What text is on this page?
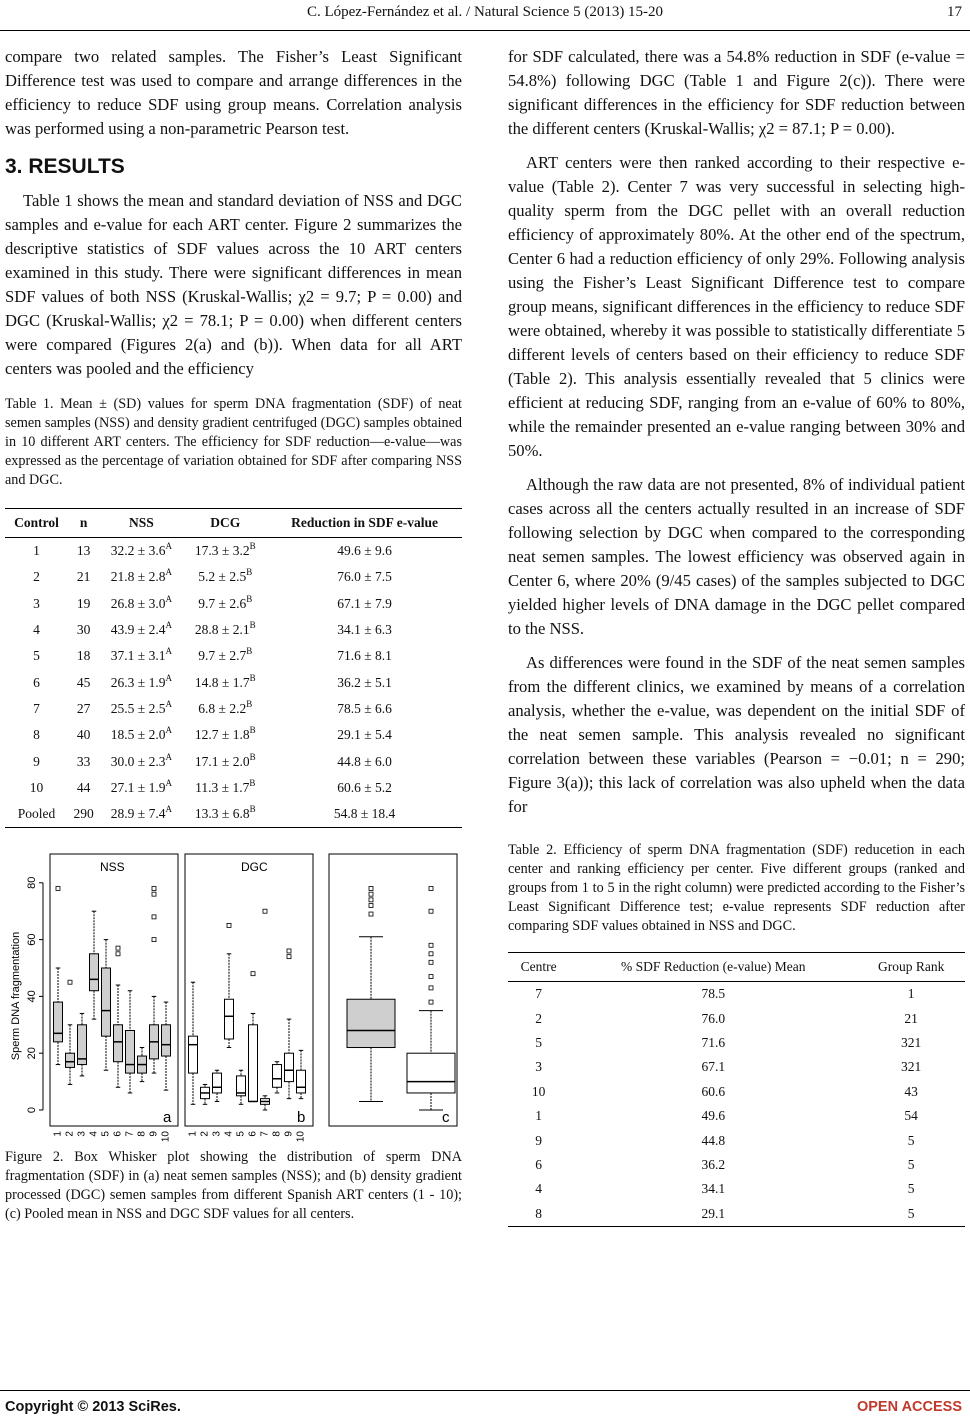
C. López-Fernández et al. / Natural Science 5 (2013) 15-20	17

compare two related samples. The Fisher’s Least Significant Difference test was used to compare and arrange differences in the efficiency to reduce SDF using group means. Correlation analysis was performed using a non-parametric Pearson test.

3. RESULTS

Table 1 shows the mean and standard deviation of NSS and DGC samples and e-value for each ART center. Figure 2 summarizes the descriptive statistics of SDF values across the 10 ART centers examined in this study. There were significant differences in mean SDF values of both NSS (Kruskal-Wallis; χ2 = 9.7; P = 0.00) and DGC (Kruskal-Wallis; χ2 = 78.1; P = 0.00) when different centers were compared (Figures 2(a) and (b)). When data for all ART centers was pooled and the efficiency

Table 1. Mean ± (SD) values for sperm DNA fragmentation (SDF) of neat semen samples (NSS) and density gradient centrifuged (DGC) samples obtained in 10 different ART centers. The efficiency for SDF reduction—e-value—was expressed as the percentage of variation obtained for SDF after comparing NSS and DGC.

Control	n	NSS	DCG	Reduction in SDF e-value
1	13	$32.2 \pm 3.6^A$	$17.3 \pm 3.2^B$	49.6 ± 9.6
2	21	$21.8 \pm 2.8^A$	$5.2 \pm 2.5^B$	76.0 ± 7.5
3	19	$26.8 \pm 3.0^A$	$9.7 \pm 2.6^B$	67.1 ± 7.9
4	30	$43.9 \pm 2.4^A$	$28.8 \pm 2.1^B$	34.1 ± 6.3
5	18	$37.1 \pm 3.1^A$	$9.7 \pm 2.7^B$	71.6 ± 8.1
6	45	$26.3 \pm 1.9^A$	$14.8 \pm 1.7^B$	36.2 ± 5.1
7	27	$25.5 \pm 2.5^A$	$6.8 \pm 2.2^B$	78.5 ± 6.6
8	40	$18.5 \pm 2.0^A$	$12.7 \pm 1.8^B$	29.1 ± 5.4
9	33	$30.0 \pm 2.3^A$	$17.1 \pm 2.0^B$	44.8 ± 6.0
10	44	$27.1 \pm 1.9^A$	$11.3 \pm 1.7^B$	60.6 ± 5.2
Pooled	290	$28.9 \pm 7.4^A$	$13.3 \pm 6.8^B$	54.8 ± 18.4
0
20
40
60
80
Sperm DNA fragmentation
NSS	DGC
a	b	c
1	1
2	2
3	3
4	4
5	5
6	6
7	7
8	8
9	9
10	10

Figure 2. Box Whisker plot showing the distribution of sperm DNA fragmentation (SDF) in (a) neat semen samples (NSS); and (b) density gradient processed (DGC) semen samples from different Spanish ART centers (1 - 10); (c) Pooled mean in NSS and DGC SDF values for all centers.

for SDF calculated, there was a 54.8% reduction in SDF (e-value = 54.8%) following DGC (Table 1 and Figure 2(c)). There were significant differences in the efficiency for SDF reduction between the different centers (Kruskal-Wallis; χ2 = 87.1; P = 0.00).

ART centers were then ranked according to their respective e-value (Table 2). Center 7 was very successful in selecting high-quality sperm from the DGC pellet with an overall reduction efficiency of approximately 80%. At the other end of the spectrum, Center 6 had a reduction efficiency of only 29%. Following analysis using the Fisher’s Least Significant Difference test to compare group means, significant differences in the efficiency to reduce SDF were obtained, whereby it was possible to statistically differentiate 5 different levels of centers based on their efficiency to reduce SDF (Table 2). This analysis essentially revealed that 5 clinics were efficient at reducing SDF, ranging from an e-value of 60% to 80%, while the remainder presented an e-value ranging between 30% and 50%.

Although the raw data are not presented, 8% of individual patient cases across all the centers actually resulted in an increase of SDF following selection by DGC when compared to the corresponding neat semen samples. The lowest efficiency was observed again in Center 6, where 20% (9/45 cases) of the samples subjected to DGC yielded higher levels of DNA damage in the DGC pellet compared to the NSS.

As differences were found in the SDF of the neat semen samples from the different clinics, we examined by means of a correlation analysis, whether the e-value, was dependent on the initial SDF of the neat semen sample. This analysis revealed no significant correlation between these variables (Pearson = −0.01; n = 290; Figure 3(a)); this lack of correlation was also upheld when the data for

Table 2. Efficiency of sperm DNA fragmentation (SDF) reducetion in each center and ranking efficiency per center. Five different groups (ranked and groups from 1 to 5 in the right column) were predicted according to the Fisher’s Least Significant Difference test; e-value represents SDF reduction after comparing SDF values obtained in NSS and DGC.

Centre	% SDF Reduction (e-value) Mean	Group Rank
7	78.5	1
2	76.0	21
5	71.6	321
3	67.1	321
10	60.6	43
1	49.6	54
9	44.8	5
6	36.2	5
4	34.1	5
8	29.1	5
Copyright © 2013 SciRes.	OPEN ACCESS
